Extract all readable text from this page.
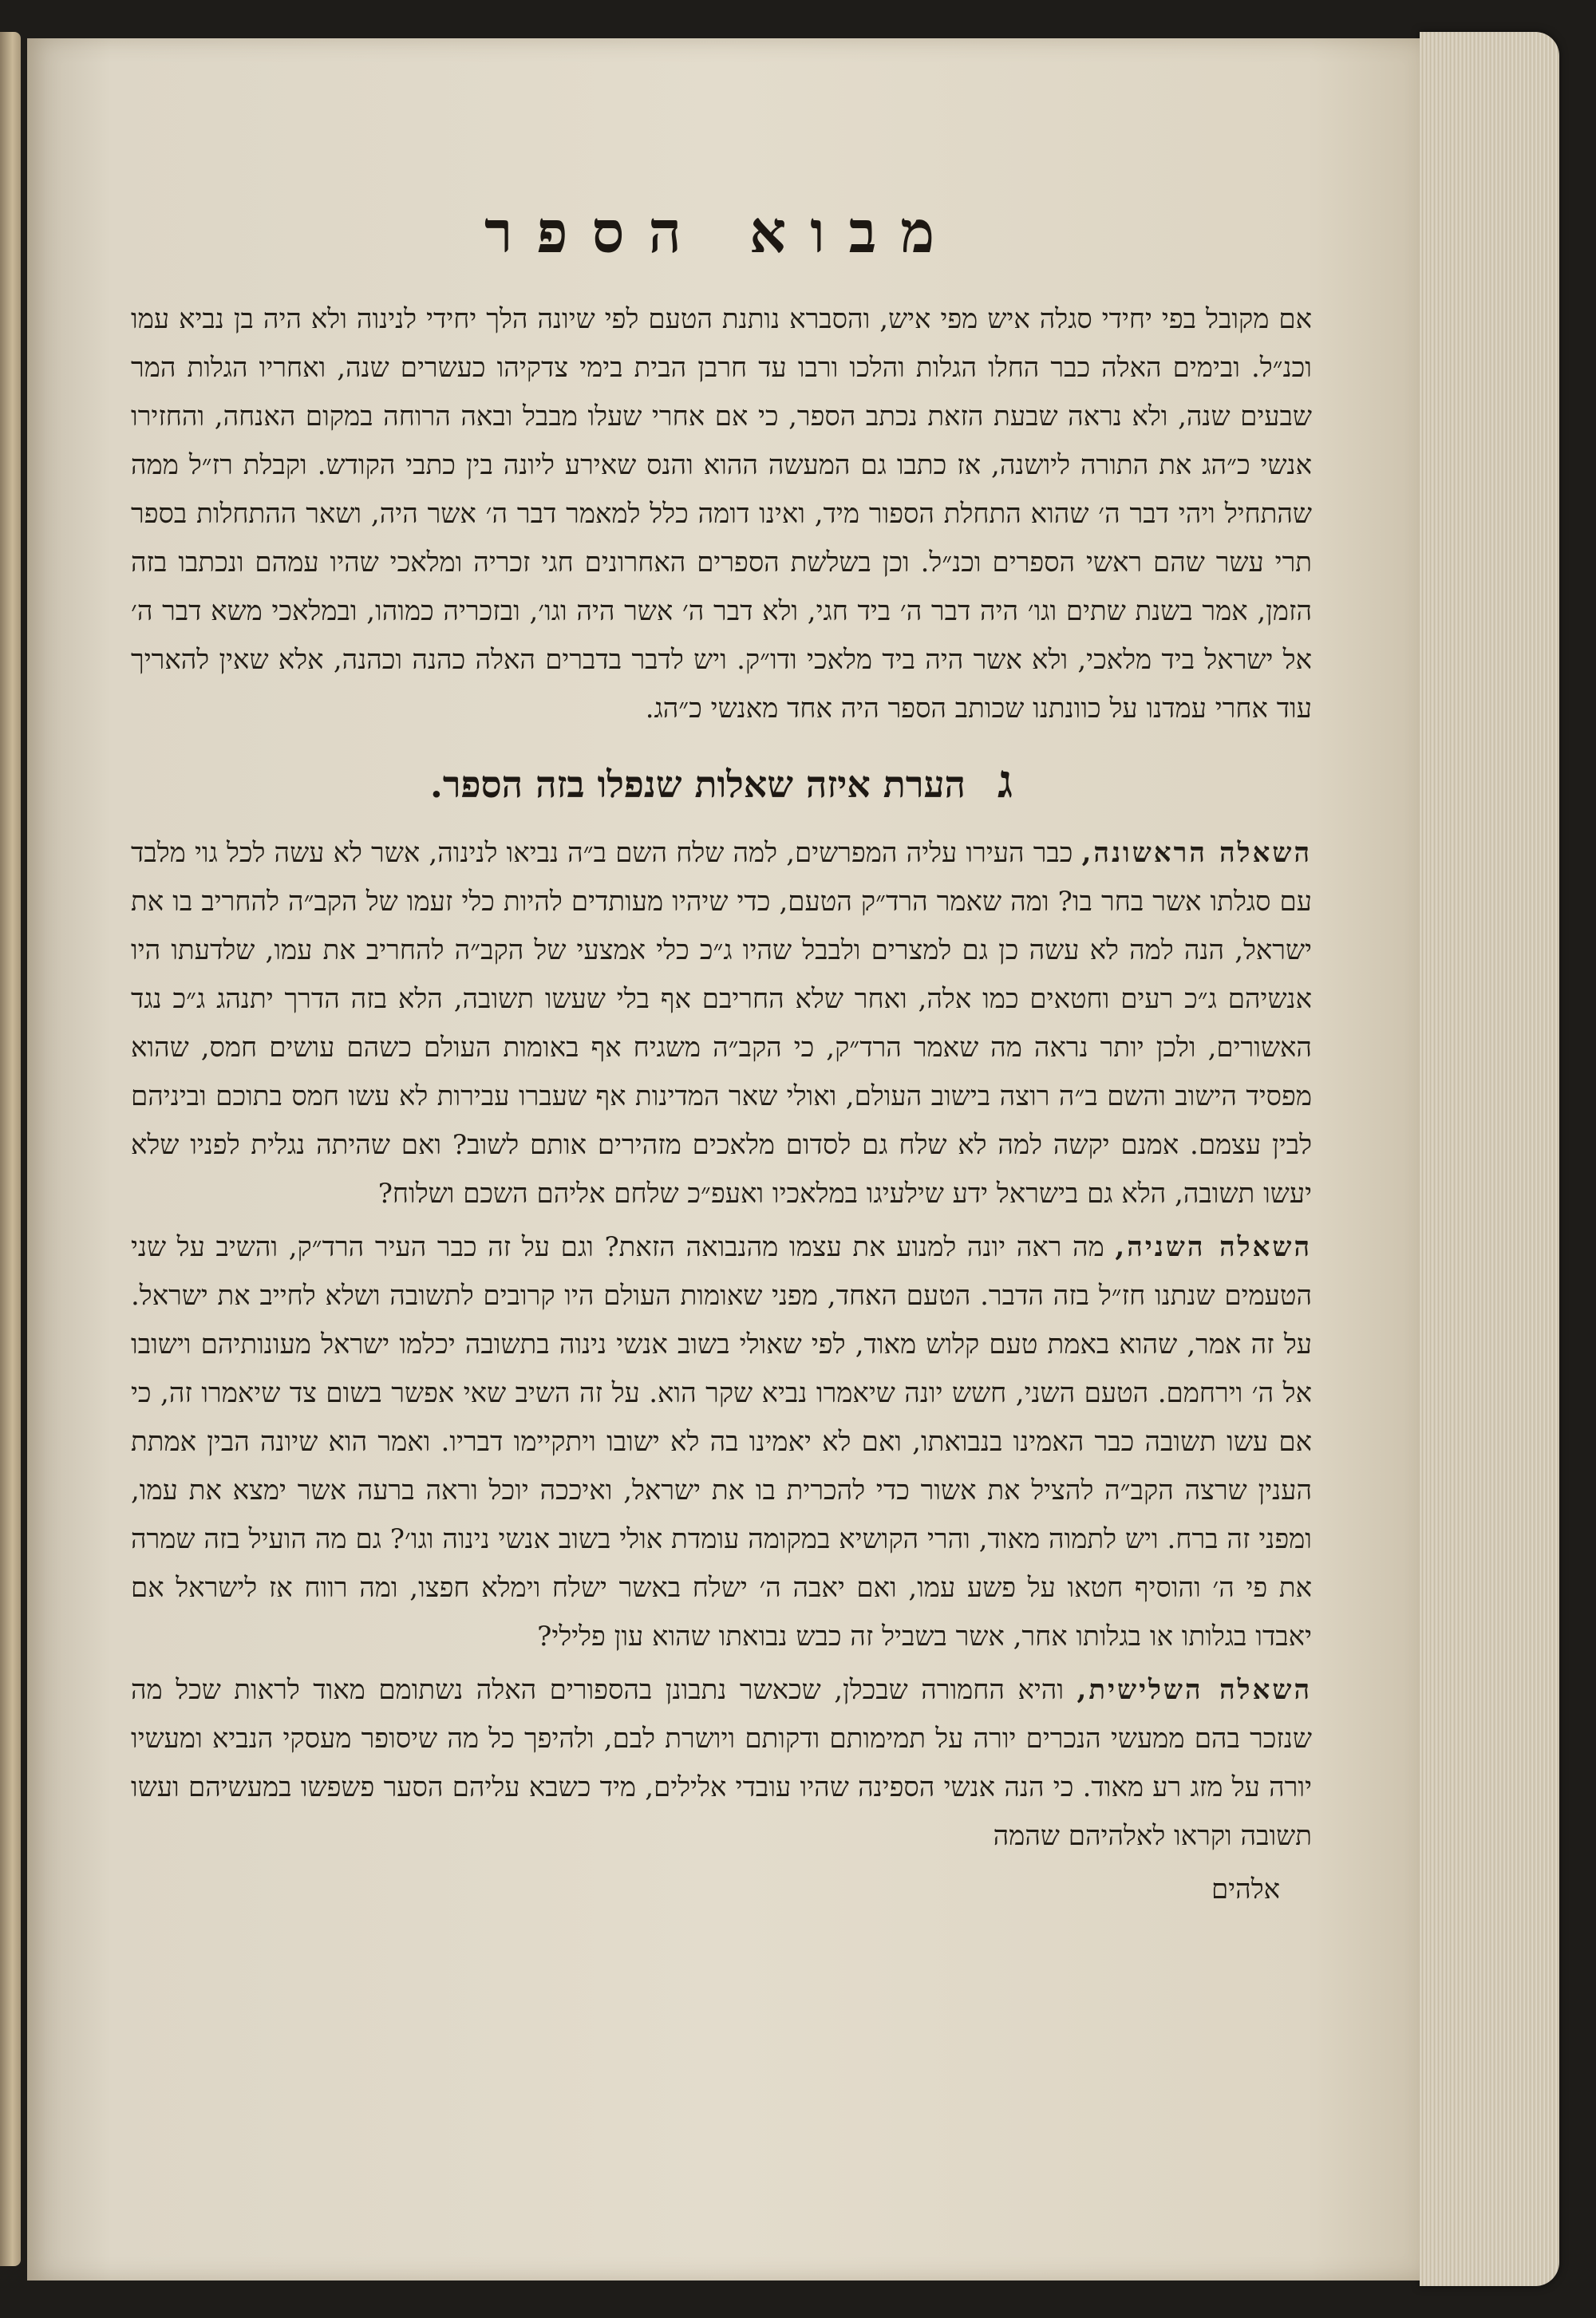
מבוא הספר

אם מקובל בפי יחידי סגלה איש מפי איש, והסברא נותנת הטעם לפי שיונה הלך יחידי לנינוה ולא היה בן נביא עמו וכנ״ל. ובימים האלה כבר החלו הגלות והלכו ורבו עד חרבן הבית בימי צדקיהו כעשרים שנה, ואחריו הגלות המר שבעים שנה, ולא נראה שבעת הזאת נכתב הספר, כי אם אחרי שעלו מבבל ובאה הרוחה במקום האנחה, והחזירו אנשי כ״הג את התורה ליושנה, אז כתבו גם המעשה ההוא והנס שאירע ליונה בין כתבי הקודש. וקבלת רז״ל ממה שהתחיל ויהי דבר ה׳ שהוא התחלת הספור מיד, ואינו דומה כלל למאמר דבר ה׳ אשר היה, ושאר ההתחלות בספר תרי עשר שהם ראשי הספרים וכנ״ל. וכן בשלשת הספרים האחרונים חגי זכריה ומלאכי שהיו עמהם ונכתבו בזה הזמן, אמר בשנת שתים וגו׳ היה דבר ה׳ ביד חגי, ולא דבר ה׳ אשר היה וגו׳, ובזכריה כמוהו, ובמלאכי משא דבר ה׳ אל ישראל ביד מלאכי, ולא אשר היה ביד מלאכי ודו״ק. ויש לדבר בדברים האלה כהנה וכהנה, אלא שאין להאריך עוד אחרי עמדנו על כוונתנו שכותב הספר היה אחד מאנשי כ״הג.

ג הערת איזה שאלות שנפלו בזה הספר.

השאלה הראשונה, כבר העירו עליה המפרשים, למה שלח השם ב״ה נביאו לנינוה, אשר לא עשה לכל גוי מלבד עם סגלתו אשר בחר בו? ומה שאמר הרד״ק הטעם, כדי שיהיו מעותדים להיות כלי זעמו של הקב״ה להחריב בו את ישראל, הנה למה לא עשה כן גם למצרים ולבבל שהיו ג״כ כלי אמצעי של הקב״ה להחריב את עמו, שלדעתו היו אנשיהם ג״כ רעים וחטאים כמו אלה, ואחר שלא החריבם אף בלי שעשו תשובה, הלא בזה הדרך יתנהג ג״כ נגד האשורים, ולכן יותר נראה מה שאמר הרד״ק, כי הקב״ה משגיח אף באומות העולם כשהם עושים חמס, שהוא מפסיד הישוב והשם ב״ה רוצה בישוב העולם, ואולי שאר המדינות אף שעברו עבירות לא עשו חמס בתוכם וביניהם לבין עצמם. אמנם יקשה למה לא שלח גם לסדום מלאכים מזהירים אותם לשוב? ואם שהיתה נגלית לפניו שלא יעשו תשובה, הלא גם בישראל ידע שילעיגו במלאכיו ואעפ״כ שלחם אליהם השכם ושלוח?

השאלה השניה, מה ראה יונה למנוע את עצמו מהנבואה הזאת? וגם על זה כבר העיר הרד״ק, והשיב על שני הטעמים שנתנו חז״ל בזה הדבר. הטעם האחד, מפני שאומות העולם היו קרובים לתשובה ושלא לחייב את ישראל. על זה אמר, שהוא באמת טעם קלוש מאוד, לפי שאולי בשוב אנשי נינוה בתשובה יכלמו ישראל מעונותיהם וישובו אל ה׳ וירחמם. הטעם השני, חשש יונה שיאמרו נביא שקר הוא. על זה השיב שאי אפשר בשום צד שיאמרו זה, כי אם עשו תשובה כבר האמינו בנבואתו, ואם לא יאמינו בה לא ישובו ויתקיימו דבריו. ואמר הוא שיונה הבין אמתת הענין שרצה הקב״ה להציל את אשור כדי להכרית בו את ישראל, ואיככה יוכל וראה ברעה אשר ימצא את עמו, ומפני זה ברח. ויש לתמוה מאוד, והרי הקושיא במקומה עומדת אולי בשוב אנשי נינוה וגו׳? גם מה הועיל בזה שמרה את פי ה׳ והוסיף חטאו על פשע עמו, ואם יאבה ה׳ ישלח באשר ישלח וימלא חפצו, ומה רווח אז לישראל אם יאבדו בגלותו או בגלותו אחר, אשר בשביל זה כבש נבואתו שהוא עון פלילי?

השאלה השלישית, והיא החמורה שבכלן, שכאשר נתבונן בהספורים האלה נשתומם מאוד לראות שכל מה שנזכר בהם ממעשי הנכרים יורה על תמימותם ודקותם ויושרת לבם, ולהיפך כל מה שיסופר מעסקי הנביא ומעשיו יורה על מזג רע מאוד. כי הנה אנשי הספינה שהיו עובדי אלילים, מיד כשבא עליהם הסער פשפשו במעשיהם ועשו תשובה וקראו לאלהיהם שהמה

אלהים
